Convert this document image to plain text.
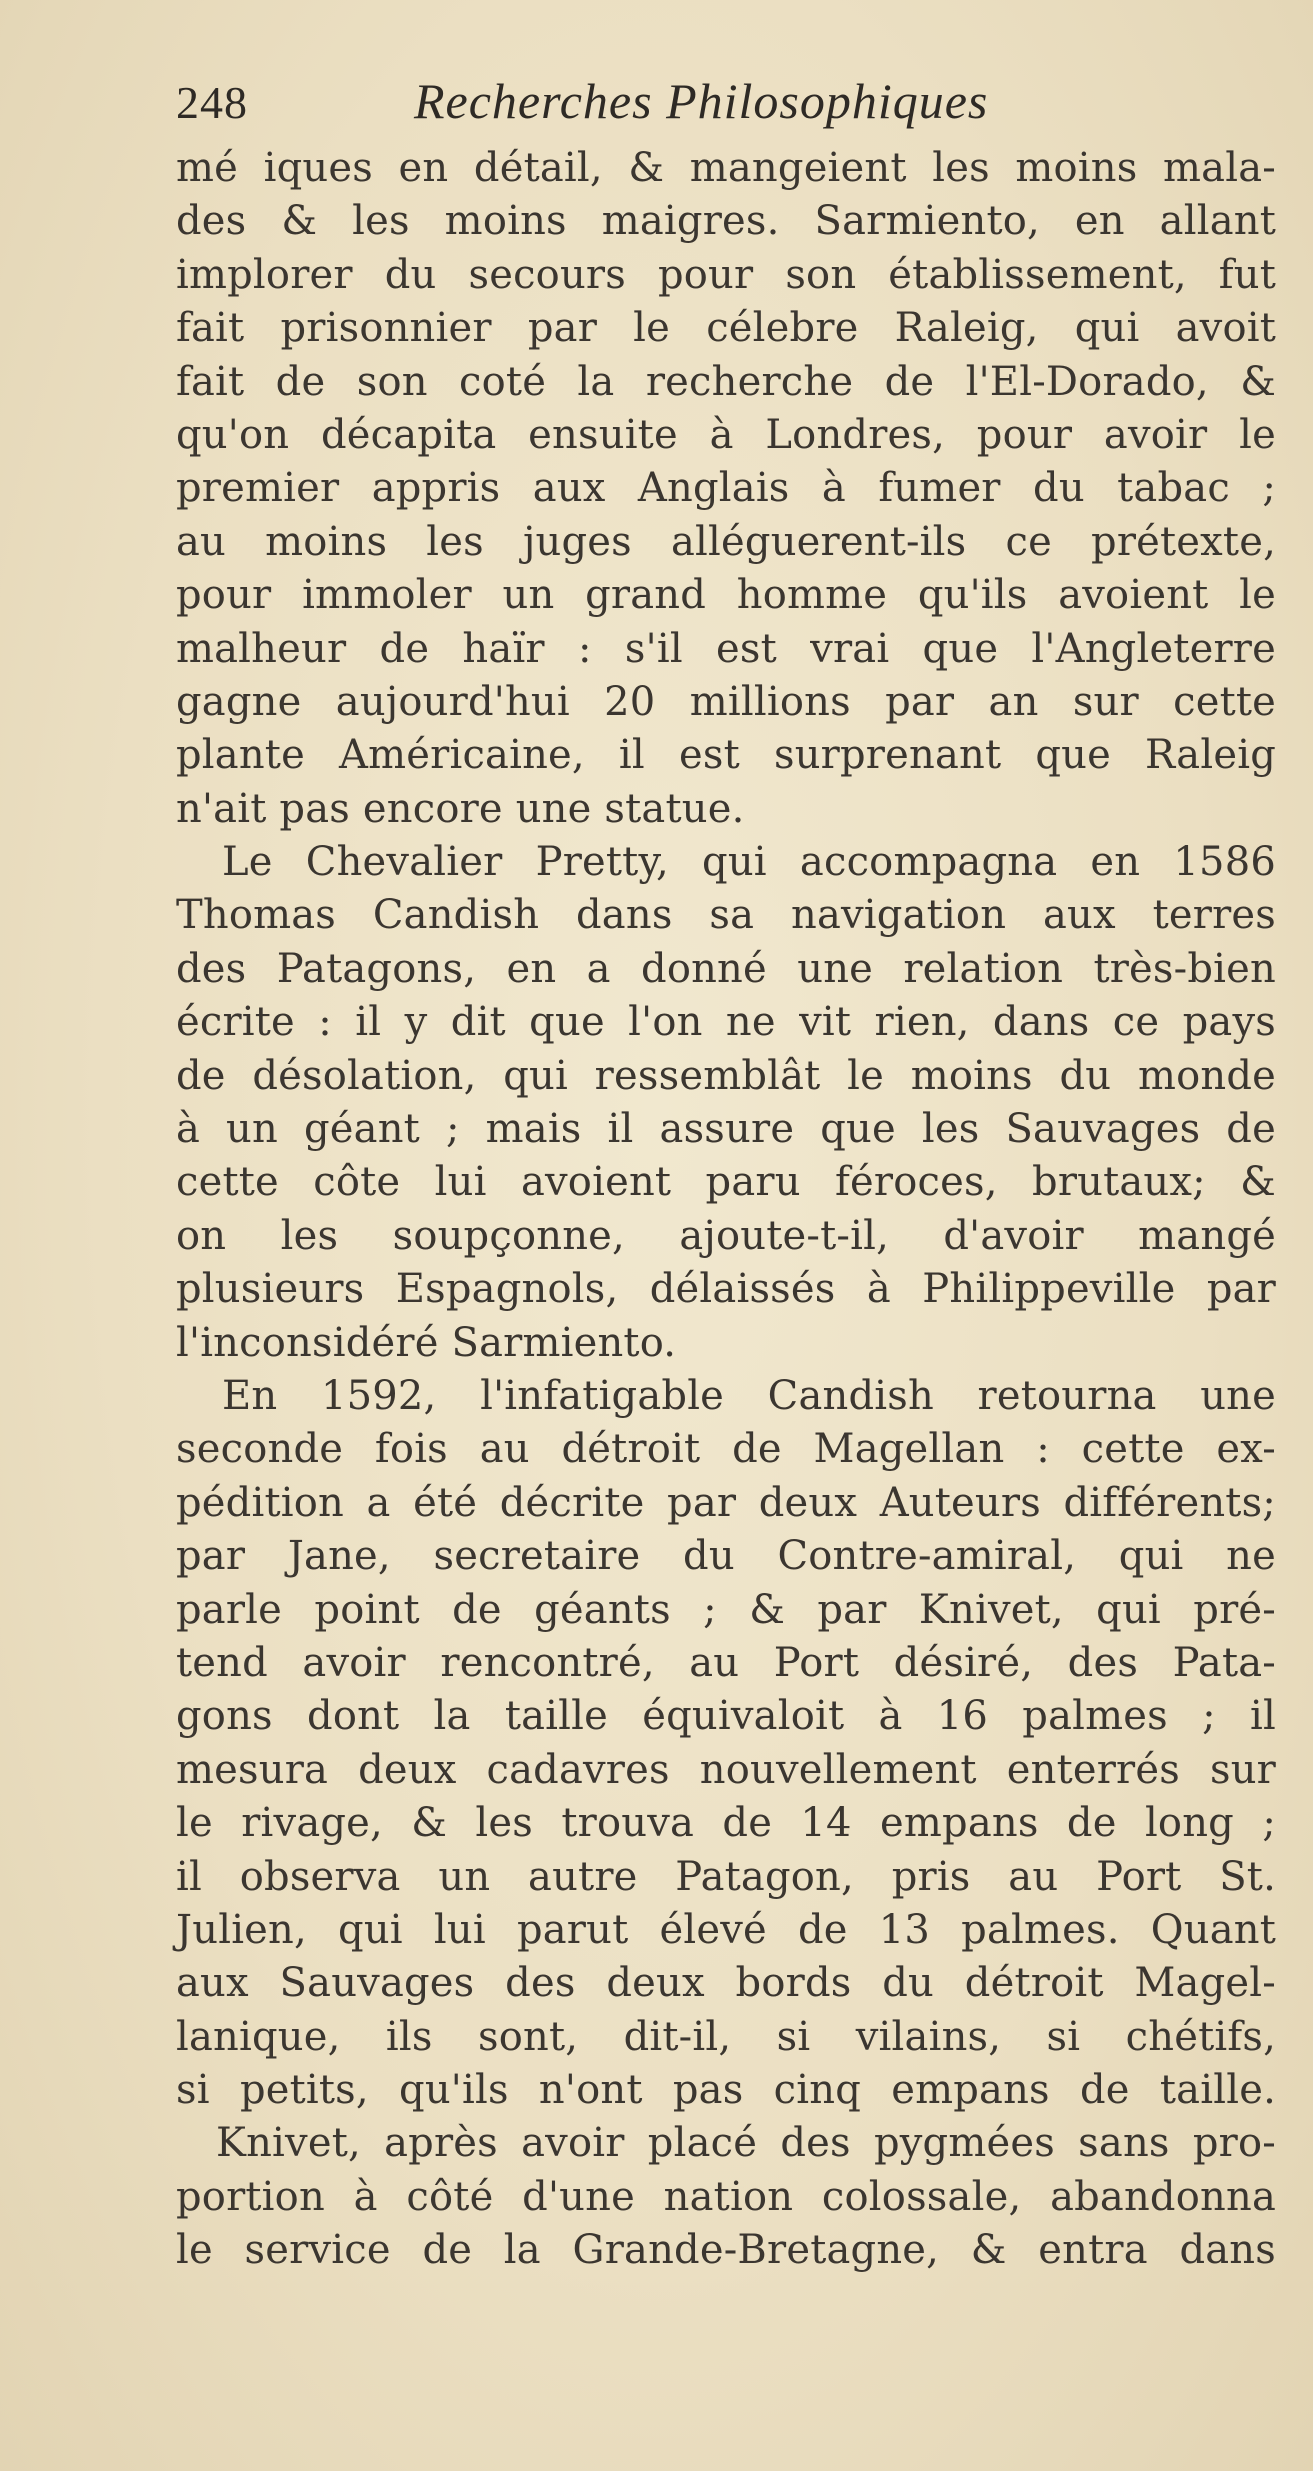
248	Recherches Philosophiques
mé iques en détail, & mangeient les moins mala-
des & les moins maigres. Sarmiento, en allant
implorer du secours pour son établissement, fut
fait prisonnier par le célebre Raleig, qui avoit
fait de son coté la recherche de l'El-Dorado, &
qu'on décapita ensuite à Londres, pour avoir le
premier appris aux Anglais à fumer du tabac ;
au moins les juges alléguerent-ils ce prétexte,
pour immoler un grand homme qu'ils avoient le
malheur de haïr : s'il est vrai que l'Angleterre
gagne aujourd'hui 20 millions par an sur cette
plante Américaine, il est surprenant que Raleig
n'ait pas encore une statue.
Le Chevalier Pretty, qui accompagna en 1586
Thomas Candish dans sa navigation aux terres
des Patagons, en a donné une relation très-bien
écrite : il y dit que l'on ne vit rien, dans ce pays
de désolation, qui ressemblât le moins du monde
à un géant ; mais il assure que les Sauvages de
cette côte lui avoient paru féroces, brutaux; &
on les soupçonne, ajoute-t-il, d'avoir mangé
plusieurs Espagnols, délaissés à Philippeville par
l'inconsidéré Sarmiento.
En 1592, l'infatigable Candish retourna une
seconde fois au détroit de Magellan : cette ex-
pédition a été décrite par deux Auteurs différents;
par Jane, secretaire du Contre-amiral, qui ne
parle point de géants ; & par Knivet, qui pré-
tend avoir rencontré, au Port désiré, des Pata-
gons dont la taille équivaloit à 16 palmes ; il
mesura deux cadavres nouvellement enterrés sur
le rivage, & les trouva de 14 empans de long ;
il observa un autre Patagon, pris au Port St.
Julien, qui lui parut élevé de 13 palmes. Quant
aux Sauvages des deux bords du détroit Magel-
lanique, ils sont, dit-il, si vilains, si chétifs,
si petits, qu'ils n'ont pas cinq empans de taille.
Knivet, après avoir placé des pygmées sans pro-
portion à côté d'une nation colossale, abandonna
le service de la Grande-Bretagne, & entra dans
